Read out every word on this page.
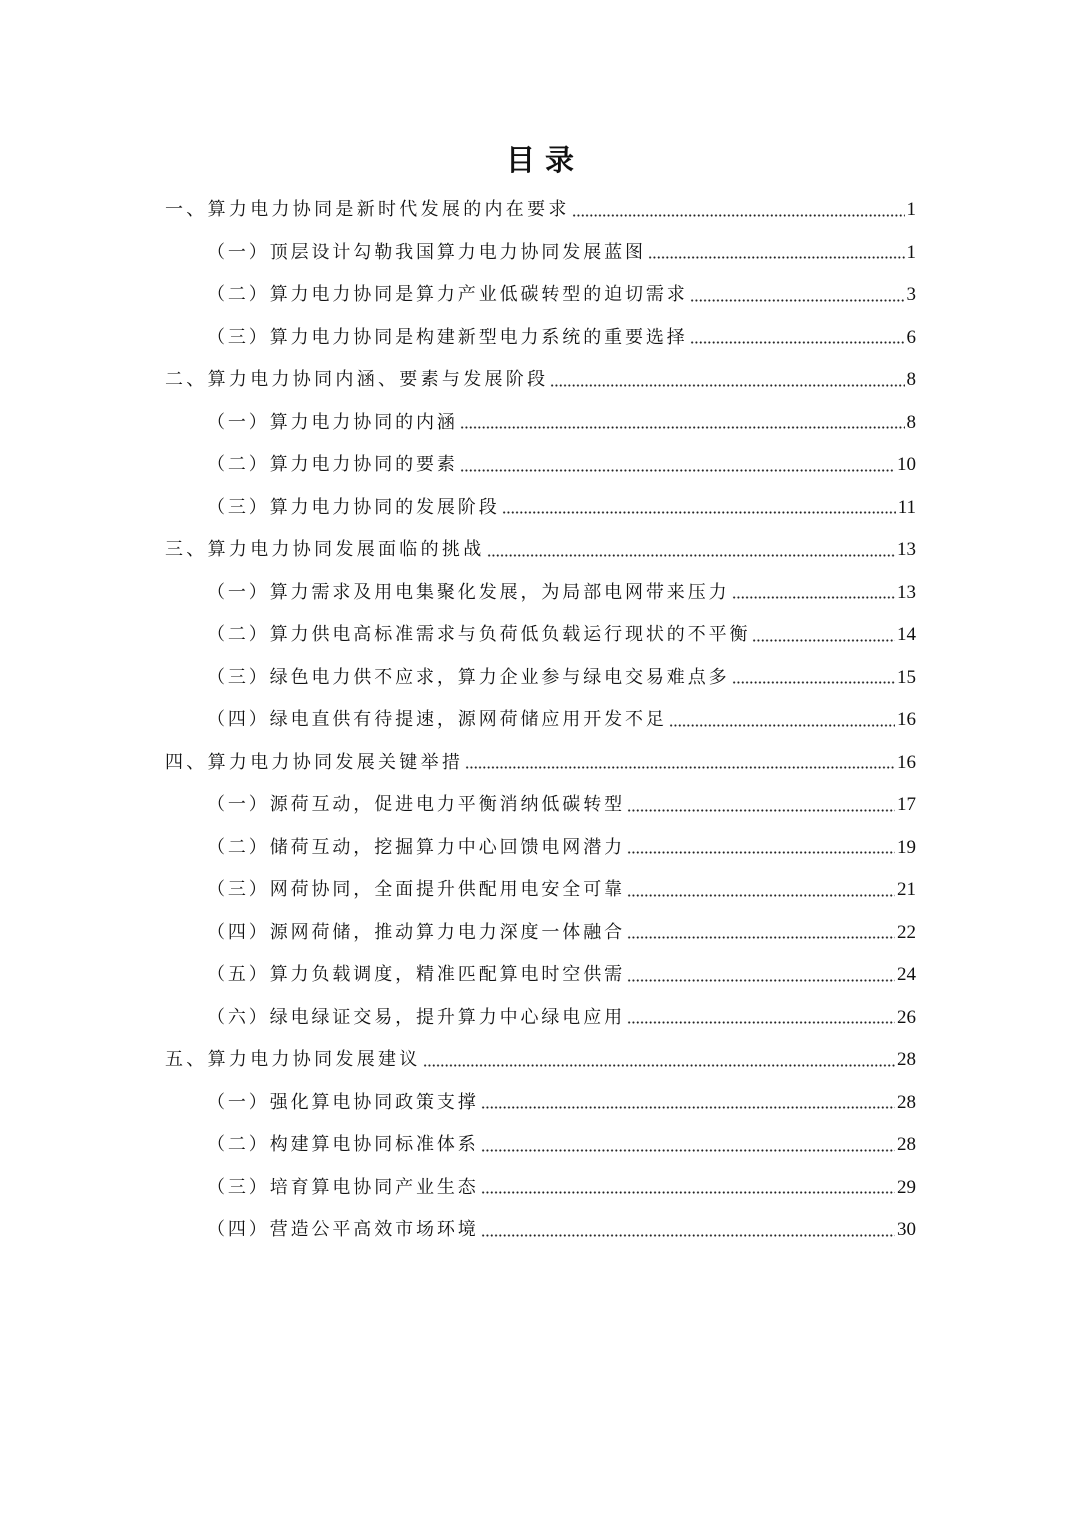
目 录
一、算力电力协同是新时代发展的内在要求	1
（一）顶层设计勾勒我国算力电力协同发展蓝图	1
（二）算力电力协同是算力产业低碳转型的迫切需求	3
（三）算力电力协同是构建新型电力系统的重要选择	6
二、算力电力协同内涵、要素与发展阶段	8
（一）算力电力协同的内涵	8
（二）算力电力协同的要素	10
（三）算力电力协同的发展阶段	11
三、算力电力协同发展面临的挑战	13
（一）算力需求及用电集聚化发展，为局部电网带来压力	13
（二）算力供电高标准需求与负荷低负载运行现状的不平衡	14
（三）绿色电力供不应求，算力企业参与绿电交易难点多	15
（四）绿电直供有待提速，源网荷储应用开发不足	16
四、算力电力协同发展关键举措	16
（一）源荷互动，促进电力平衡消纳低碳转型	17
（二）储荷互动，挖掘算力中心回馈电网潜力	19
（三）网荷协同，全面提升供配用电安全可靠	21
（四）源网荷储，推动算力电力深度一体融合	22
（五）算力负载调度，精准匹配算电时空供需	24
（六）绿电绿证交易，提升算力中心绿电应用	26
五、算力电力协同发展建议	28
（一）强化算电协同政策支撑	28
（二）构建算电协同标准体系	28
（三）培育算电协同产业生态	29
（四）营造公平高效市场环境	30
